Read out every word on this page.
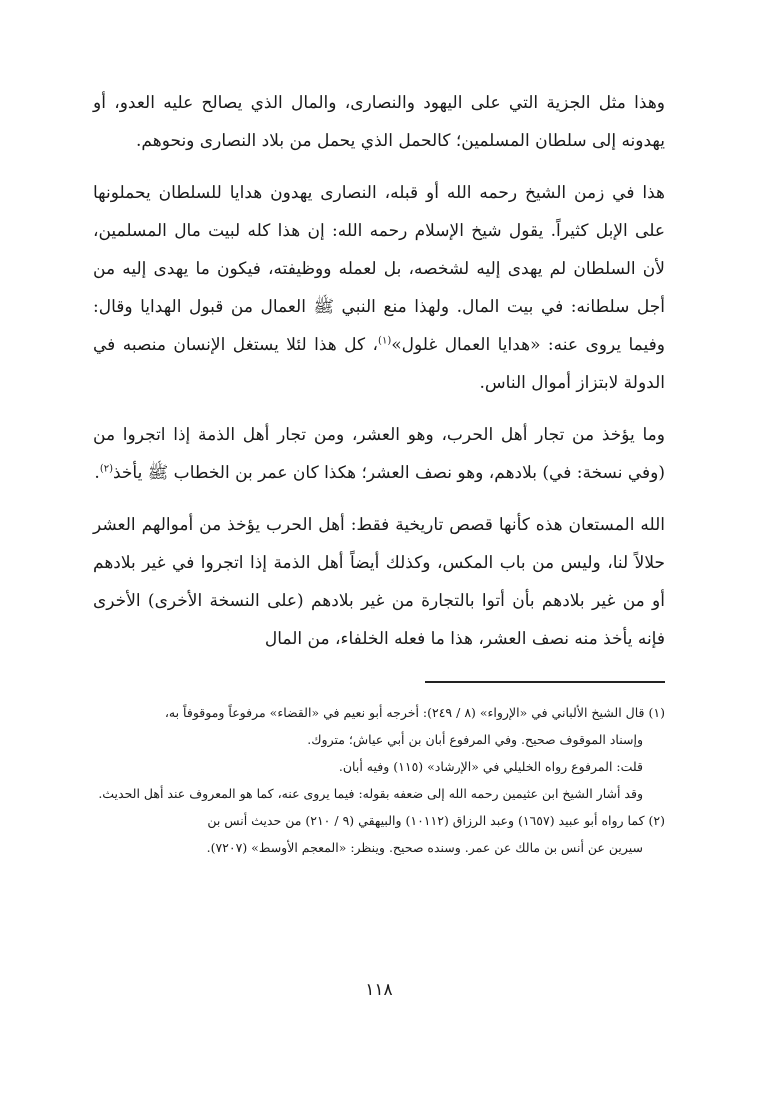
وهذا مثل الجزية التي على اليهود والنصارى، والمال الذي يصالح عليه العدو، أو يهدونه إلى سلطان المسلمين؛ كالحمل الذي يحمل من بلاد النصارى ونحوهم.

هذا في زمن الشيخ رحمه الله أو قبله، النصارى يهدون هدايا للسلطان يحملونها على الإبل كثيراً. يقول شيخ الإسلام رحمه الله: إن هذا كله لبيت مال المسلمين، لأن السلطان لم يهدى إليه لشخصه، بل لعمله ووظيفته، فيكون ما يهدى إليه من أجل سلطانه: في بيت المال. ولهذا منع النبي ﷺ العمال من قبول الهدايا وقال: وفيما يروى عنه: «هدايا العمال غلول»$^{(١)}$، كل هذا لئلا يستغل الإنسان منصبه في الدولة لابتزاز أموال الناس.

وما يؤخذ من تجار أهل الحرب، وهو العشر، ومن تجار أهل الذمة إذا اتجروا من (وفي نسخة: في) بلادهم، وهو نصف العشر؛ هكذا كان عمر بن الخطاب ﷺ يأخذ$^{(٢)}$.

الله المستعان هذه كأنها قصص تاريخية فقط: أهل الحرب يؤخذ من أموالهم العشر حلالاً لنا، وليس من باب المكس، وكذلك أيضاً أهل الذمة إذا اتجروا في غير بلادهم أو من غير بلادهم بأن أتوا بالتجارة من غير بلادهم (على النسخة الأخرى) الأخرى فإنه يأخذ منه نصف العشر، هذا ما فعله الخلفاء، من المال

(١) قال الشيخ الألباني في «الإرواء» (٨ / ٢٤٩): أخرجه أبو نعيم في «القضاء» مرفوعاً وموقوفاً به،

وإسناد الموقوف صحيح. وفي المرفوع أبان بن أبي عياش؛ متروك.

قلت: المرفوع رواه الخليلي في «الإرشاد» (١١٥) وفيه أبان.

وقد أشار الشيخ ابن عثيمين رحمه الله إلى ضعفه بقوله: فيما يروى عنه، كما هو المعروف عند أهل الحديث.

(٢) كما رواه أبو عبيد (١٦٥٧) وعبد الرزاق (١٠١١٢) والبيهقي (٩ / ٢١٠) من حديث أنس بن

سيرين عن أنس بن مالك عن عمر. وسنده صحيح. وينظر: «المعجم الأوسط» (٧٢٠٧).

١١٨
